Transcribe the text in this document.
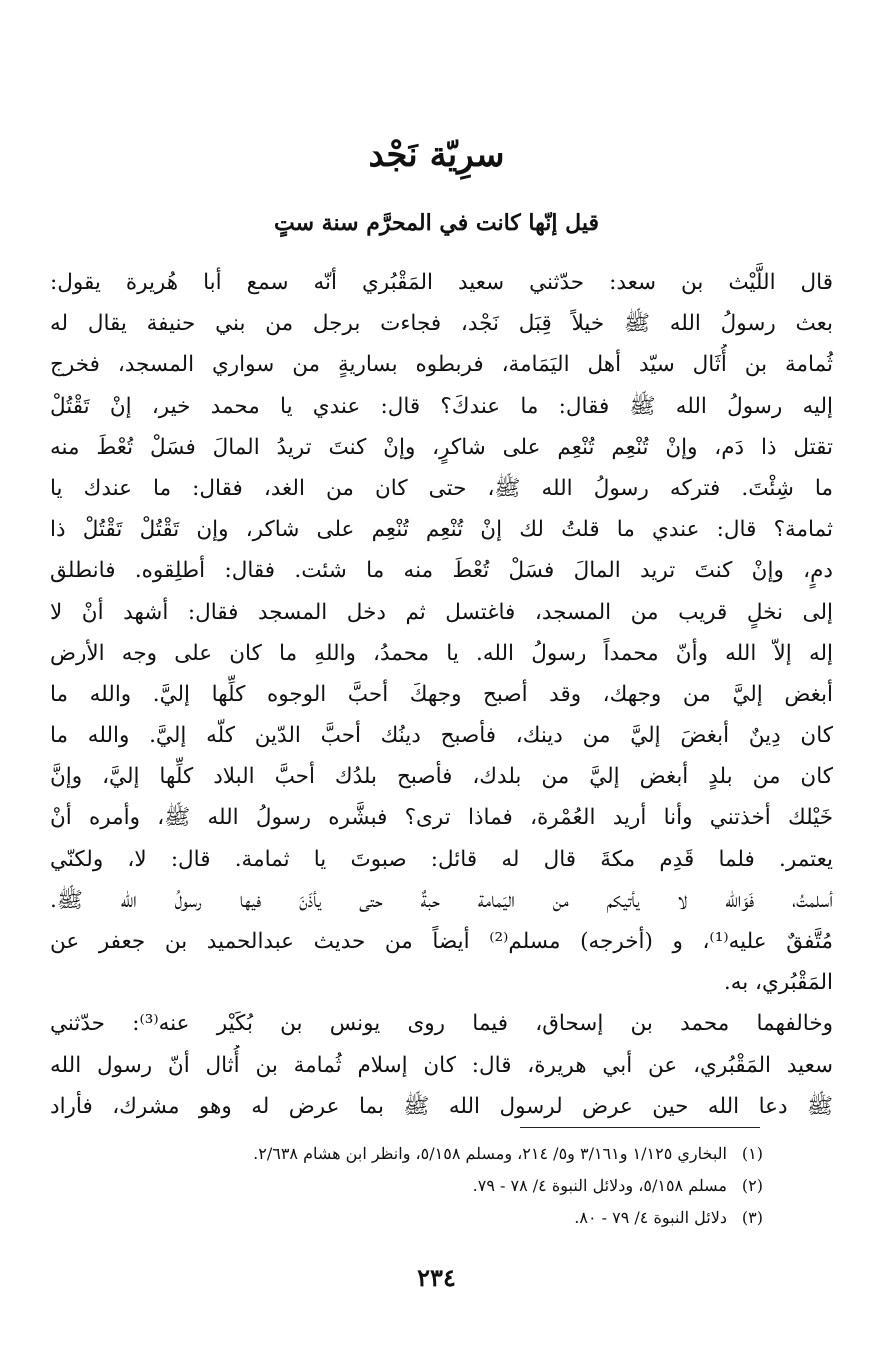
سرِيّة نَجْد
قيل إنّها كانت في المحرَّم سنة ستٍ
قال اللَّيْث بن سعد: حدّثني سعيد المَقْبُري أنّه سمع أبا هُريرة يقول:
بعث رسولُ الله ﷺ خيلاً قِبَل نَجْد، فجاءت برجل من بني حنيفة يقال له
ثُمامة بن أُثَال سيّد أهل اليَمَامة، فربطوه بساريةٍ من سواري المسجد، فخرج
إليه رسولُ الله ﷺ فقال: ما عندكَ؟ قال: عندي يا محمد خير، إنْ تَقْتُلْ
تقتل ذا دَم، وإنْ تُنْعِم تُنْعِم على شاكرٍ، وإنْ كنتَ تريدُ المالَ فسَلْ تُعْطَ منه
ما شِئْتَ. فتركه رسولُ الله ﷺ، حتى كان من الغد، فقال: ما عندك يا
ثمامة؟ قال: عندي ما قلتُ لك إنْ تُنْعِم تُنْعِم على شاكر، وإن تَقْتُلْ تَقْتُلْ ذا
دمٍ، وإنْ كنتَ تريد المالَ فسَلْ تُعْطَ منه ما شئت. فقال: أطلِقوه. فانطلق
إلى نخلٍ قريب من المسجد، فاغتسل ثم دخل المسجد فقال: أشهد أنْ لا
إله إلاّ الله وأنّ محمداً رسولُ الله. يا محمدُ، واللهِ ما كان على وجه الأرض
أبغض إليَّ من وجهك، وقد أصبح وجهكَ أحبَّ الوجوه كلِّها إليَّ. والله ما
كان دِينٌ أبغضَ إليَّ من دينك، فأصبح دينُك أحبَّ الدّين كلّه إليَّ. والله ما
كان من بلدٍ أبغض إليَّ من بلدك، فأصبح بلدُك أحبَّ البلاد كلِّها إليَّ، وإنَّ
خَيْلك أخذتني وأنا أريد العُمْرة، فماذا ترى؟ فبشَّره رسولُ الله ﷺ، وأمره أنْ
يعتمر. فلما قَدِم مكةَ قال له قائل: صبوتَ يا ثمامة. قال: لا، ولكنّي
أسلمتُ، فَوَالله لا يأتيكم من اليَمامة حبةٌ حتى يأذَنَ فيها رسولُ الله ﷺ.
مُتَّفقٌ عليه⁽¹⁾، و (أخرجه) مسلم⁽²⁾ أيضاً من حديث عبدالحميد بن جعفر عن
المَقْبُري، به.
وخالفهما محمد بن إسحاق، فيما روى يونس بن بُكَيْر عنه⁽³⁾: حدّثني
سعيد المَقْبُري، عن أبي هريرة، قال: كان إسلام ثُمامة بن أُثال أنّ رسول الله
ﷺ دعا الله حين عرض لرسول الله ﷺ بما عرض له وهو مشرك، فأراد
(١)
البخاري ١/١٢٥ و٣/١٦١ و٥/ ٢١٤، ومسلم ٥/١٥٨، وانظر ابن هشام ٢/٦٣٨.
(٢)
مسلم ٥/١٥٨، ودلائل النبوة ٤/ ٧٨ - ٧٩.
(٣)
دلائل النبوة ٤/ ٧٩ - ٨٠.
٢٣٤
